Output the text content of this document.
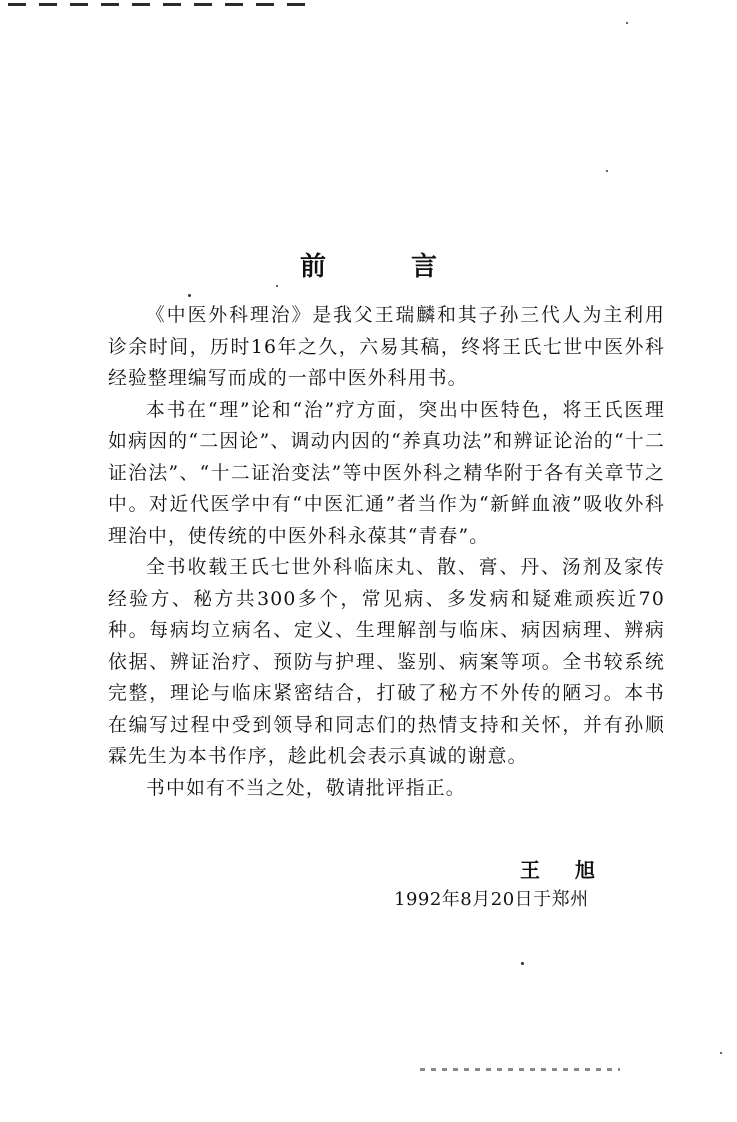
前 言

《中医外科理治》是我父王瑞麟和其子孙三代人为主利用诊余时间，历时16年之久，六易其稿，终将王氏七世中医外科经验整理编写而成的一部中医外科用书。

本书在“理”论和“治”疗方面，突出中医特色，将王氏医理如病因的“二因论”、调动内因的“养真功法”和辨证论治的“十二证治法”、“十二证治变法”等中医外科之精华附于各有关章节之中。对近代医学中有“中医汇通”者当作为“新鲜血液”吸收外科理治中，使传统的中医外科永葆其“青春”。

全书收载王氏七世外科临床丸、散、膏、丹、汤剂及家传经验方、秘方共300多个，常见病、多发病和疑难顽疾近70种。每病均立病名、定义、生理解剖与临床、病因病理、辨病依据、辨证治疗、预防与护理、鉴别、病案等项。全书较系统完整，理论与临床紧密结合，打破了秘方不外传的陋习。本书在编写过程中受到领导和同志们的热情支持和关怀，并有孙顺霖先生为本书作序，趁此机会表示真诚的谢意。

书中如有不当之处，敬请批评指正。

王 旭
1992年8月20日于郑州
